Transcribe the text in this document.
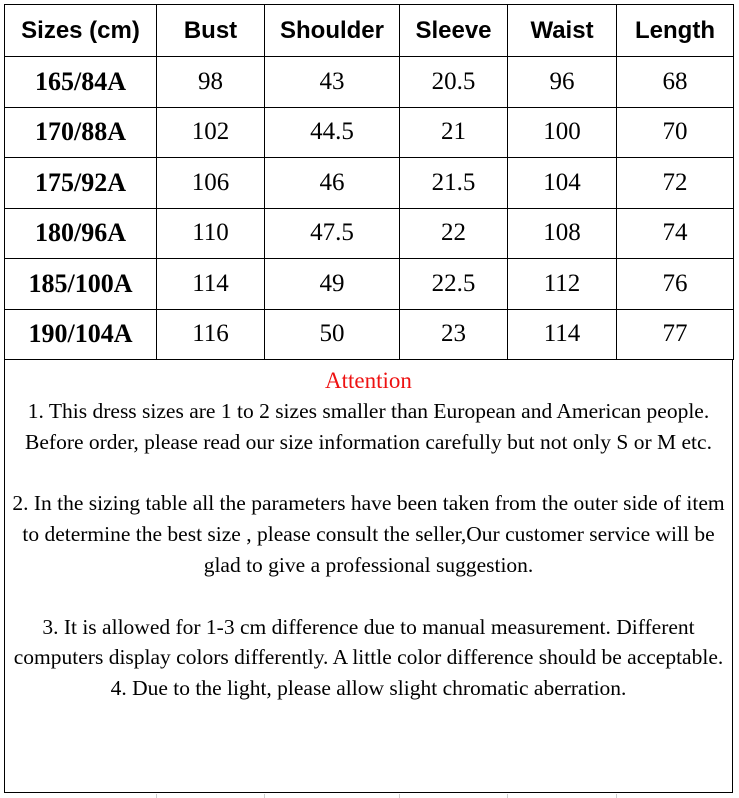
Sizes (cm)	Bust	Shoulder	Sleeve	Waist	Length
165/84A	98	43	20.5	96	68
170/88A	102	44.5	21	100	70
175/92A	106	46	21.5	104	72
180/96A	110	47.5	22	108	74
185/100A	114	49	22.5	112	76
190/104A	116	50	23	114	77
Attention

1. This dress sizes are 1 to 2 sizes smaller than European and American people. Before order, please read our size information carefully but not only S or M etc.

2. In the sizing table all the parameters have been taken from the outer side of item to determine the best size , please consult the seller,Our customer service will be glad to give a professional suggestion.

3. It is allowed for 1-3 cm difference due to manual measurement. Different computers display colors differently. A little color difference should be acceptable.

4. Due to the light, please allow slight chromatic aberration.
